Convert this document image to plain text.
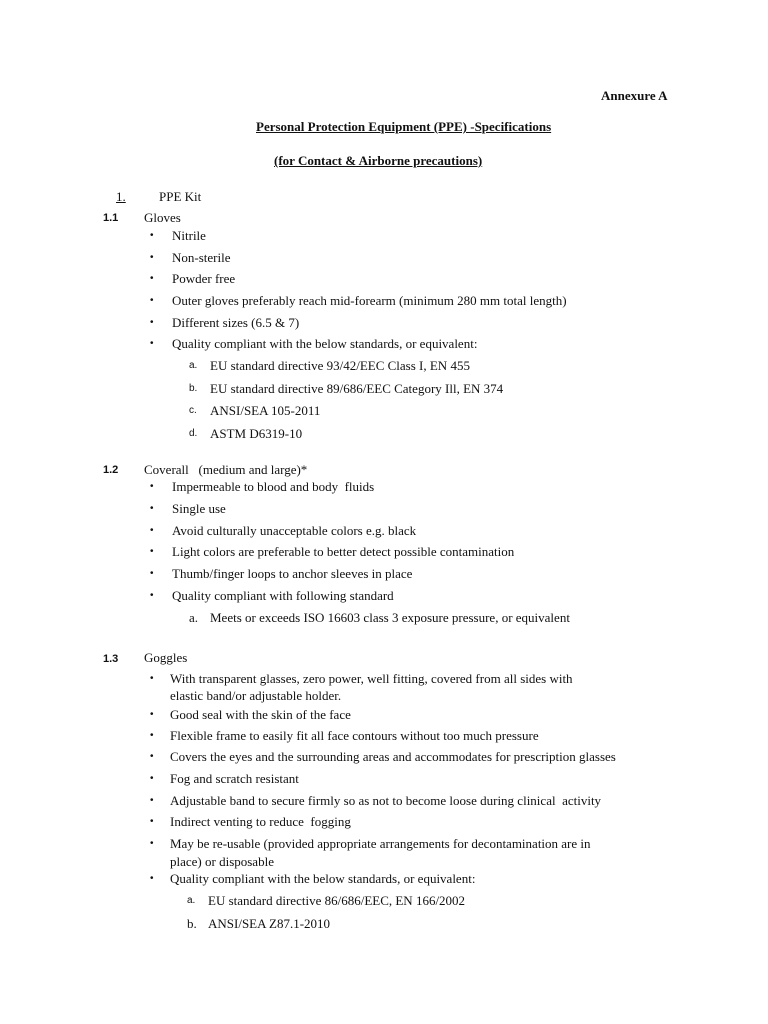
Annexure A
Personal Protection Equipment (PPE) -Specifications
(for Contact & Airborne precautions)
1.	PPE Kit
1.1 Gloves
• Nitrile
• Non-sterile
• Powder free
• Outer gloves preferably reach mid-forearm (minimum 280 mm total length)
• Different sizes (6.5 & 7)
• Quality compliant with the below standards, or equivalent:
a. EU standard directive 93/42/EEC Class I, EN 455
b. EU standard directive 89/686/EEC Category Ill, EN 374
c. ANSI/SEA 105-2011
d. ASTM D6319-10
1.2 Coverall   (medium and large)*
• Impermeable to blood and body  fluids
• Single use
• Avoid culturally unacceptable colors e.g. black
• Light colors are preferable to better detect possible contamination
• Thumb/finger loops to anchor sleeves in place
• Quality compliant with following standard
a. Meets or exceeds ISO 16603 class 3 exposure pressure, or equivalent
1.3 Goggles
• With transparent glasses, zero power, well fitting, covered from all sides with
elastic band/or adjustable holder.
• Good seal with the skin of the face
• Flexible frame to easily fit all face contours without too much pressure
• Covers the eyes and the surrounding areas and accommodates for prescription glasses
• Fog and scratch resistant
• Adjustable band to secure firmly so as not to become loose during clinical  activity
• Indirect venting to reduce  fogging
• May be re-usable (provided appropriate arrangements for decontamination are in
place) or disposable
• Quality compliant with the below standards, or equivalent:
a. EU standard directive 86/686/EEC, EN 166/2002
b. ANSI/SEA Z87.1-2010
